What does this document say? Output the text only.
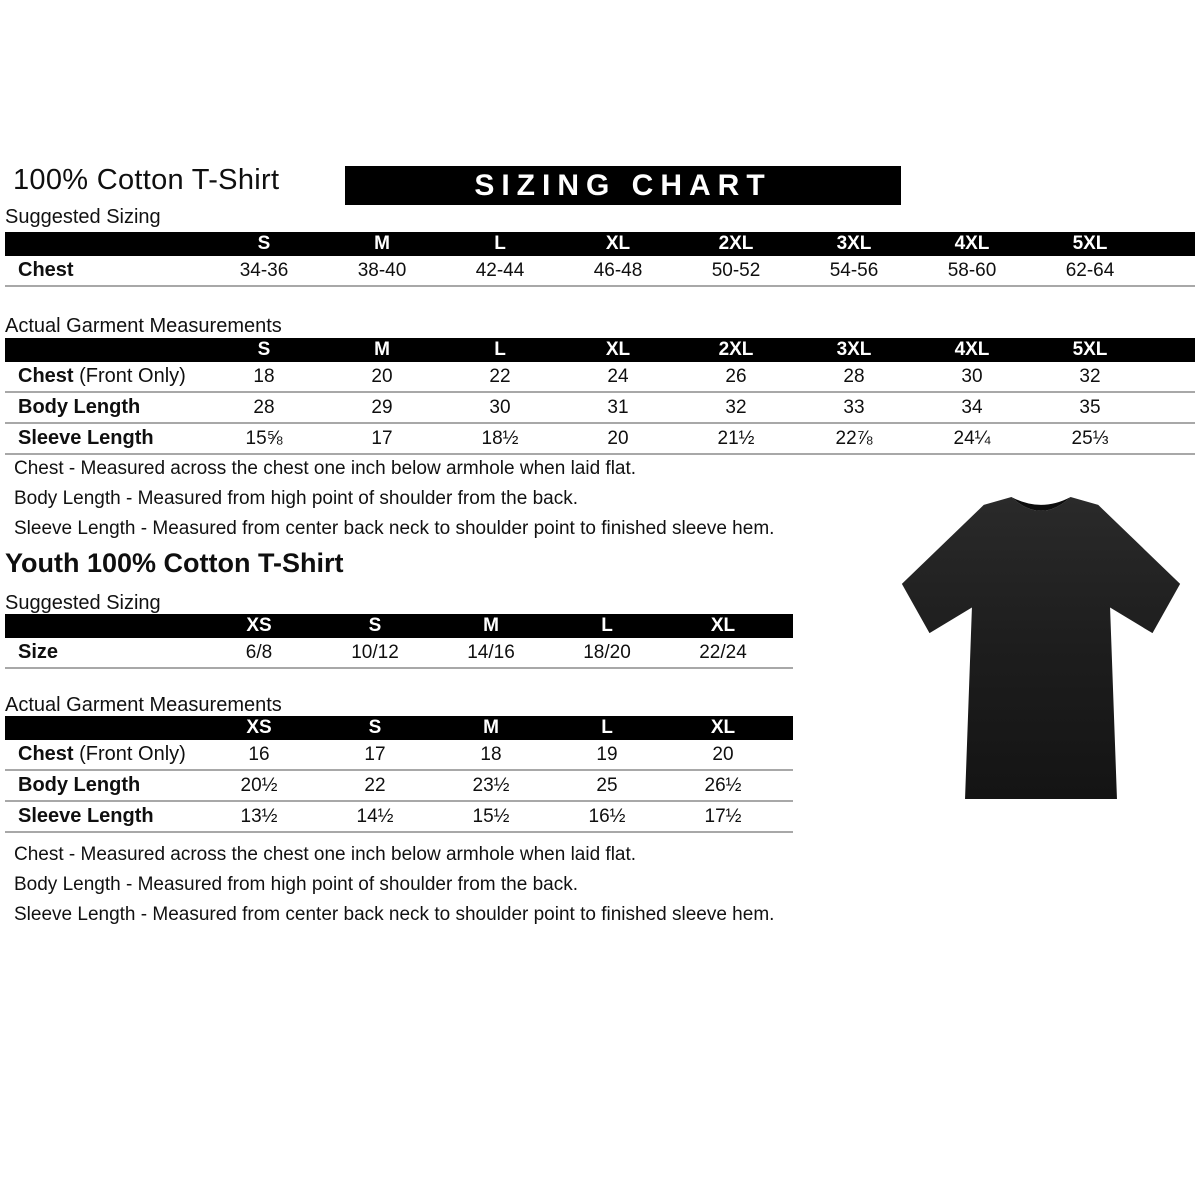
100% Cotton T-Shirt	SIZING CHART
Suggested Sizing
	S	M	L	XL	2XL	3XL	4XL	5XL	
Chest	34-36	38-40	42-44	46-48	50-52	54-56	58-60	62-64	
Actual Garment Measurements
	S	M	L	XL	2XL	3XL	4XL	5XL	
Chest (Front Only)	18	20	22	24	26	28	30	32	
Body Length	28	29	30	31	32	33	34	35	
Sleeve Length	15⅝	17	18½	20	21½	22⅞	24¼	25⅓	

Chest - Measured across the chest one inch below armhole when laid flat.

Body Length - Measured from high point of shoulder from the back.

Sleeve Length - Measured from center back neck to shoulder point to finished sleeve hem.

Youth 100% Cotton T-Shirt
Suggested Sizing
	XS	S	M	L	XL	
Size	6/8	10/12	14/16	18/20	22/24	
Actual Garment Measurements
	XS	S	M	L	XL	
Chest (Front Only)	16	17	18	19	20	
Body Length	20½	22	23½	25	26½	
Sleeve Length	13½	14½	15½	16½	17½	

Chest - Measured across the chest one inch below armhole when laid flat.

Body Length - Measured from high point of shoulder from the back.

Sleeve Length - Measured from center back neck to shoulder point to finished sleeve hem.
